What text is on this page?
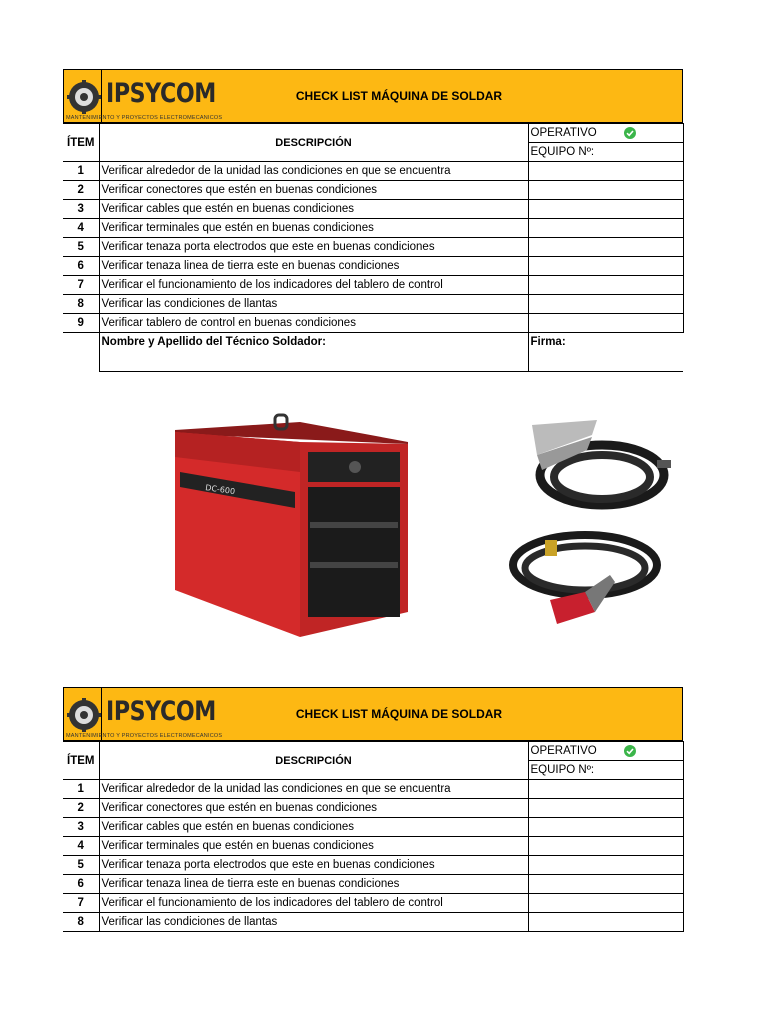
IPSYCOM
MANTENIMIENTO Y PROYECTOS ELECTROMECANICOS
CHECK LIST MÁQUINA DE SOLDAR
ÍTEM	DESCRIPCIÓN	OPERATIVO

		EQUIPO Nº:
1	Verificar alrededor de la unidad las condiciones en que se encuentra	
2	Verificar conectores que estén en buenas condiciones	
3	Verificar cables que estén en buenas condiciones	
4	Verificar terminales que estén en buenas condiciones	
5	Verificar tenaza porta electrodos que este en buenas condiciones	
6	Verificar tenaza linea de tierra este en buenas condiciones	
7	Verificar el funcionamiento de los indicadores del tablero de control	
8	Verificar las condiciones de llantas	
9	Verificar tablero de control en buenas condiciones	
	Nombre y Apellido del Técnico Soldador:	Firma:
DC-600
IPSYCOM
MANTENIMIENTO Y PROYECTOS ELECTROMECANICOS
CHECK LIST MÁQUINA DE SOLDAR
ÍTEM	DESCRIPCIÓN	OPERATIVO

		EQUIPO Nº:
1	Verificar alrededor de la unidad las condiciones en que se encuentra	
2	Verificar conectores que estén en buenas condiciones	
3	Verificar cables que estén en buenas condiciones	
4	Verificar terminales que estén en buenas condiciones	
5	Verificar tenaza porta electrodos que este en buenas condiciones	
6	Verificar tenaza linea de tierra este en buenas condiciones	
7	Verificar el funcionamiento de los indicadores del tablero de control	
8	Verificar las condiciones de llantas	
